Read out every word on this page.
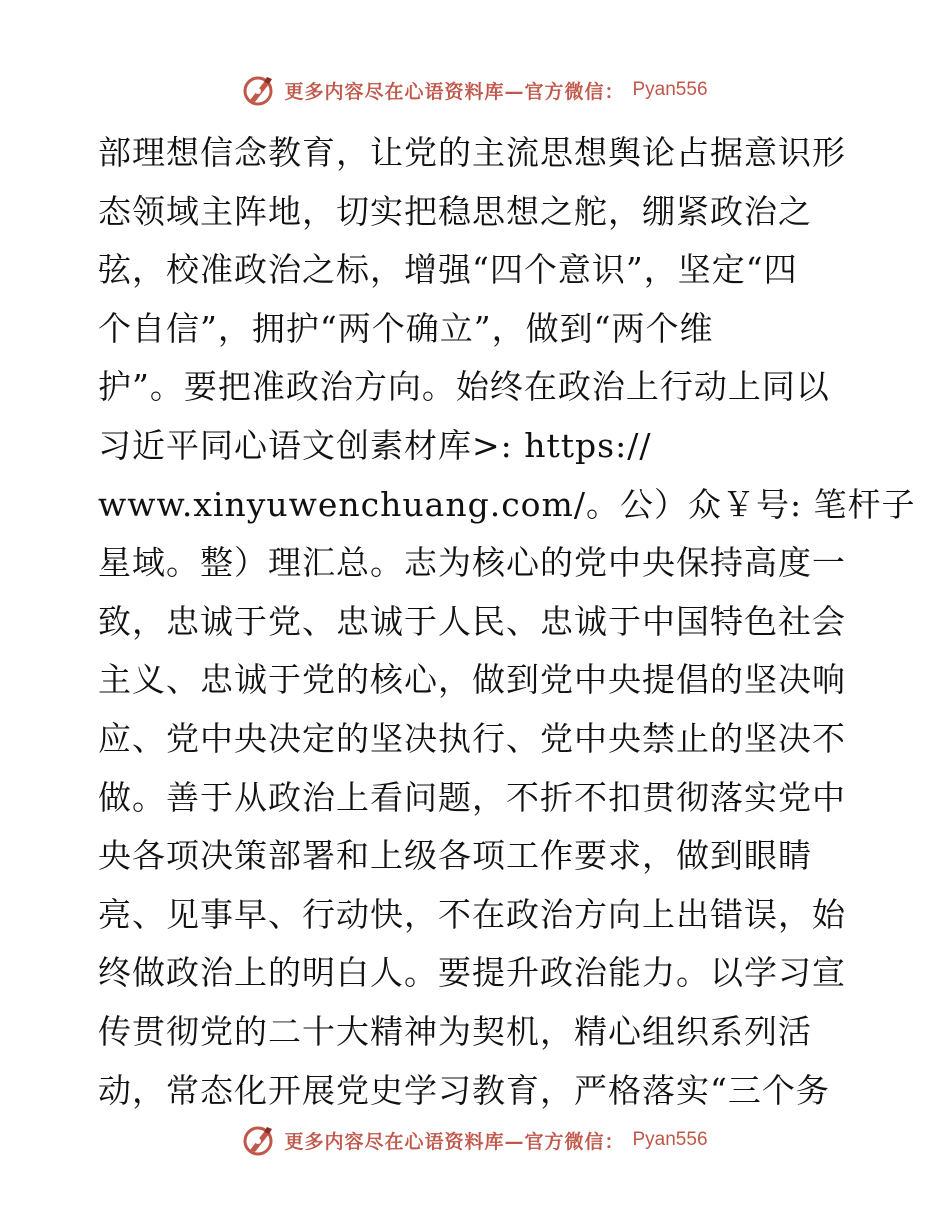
更多内容尽在心语资料库—官方微信： Pyan556
部理想信念教育，让党的主流思想舆论占据意识形
态领域主阵地，切实把稳思想之舵，绷紧政治之
弦，校准政治之标，增强“四个意识”，坚定“四
个自信”，拥护“两个确立”，做到“两个维
护”。要把准政治方向。始终在政治上行动上同以
习近平同心语文创素材库>: https://
www.xinyuwenchuang.com/。公）众￥号: 笔杆子
星域。整）理汇总。志为核心的党中央保持高度一
致，忠诚于党、忠诚于人民、忠诚于中国特色社会
主义、忠诚于党的核心，做到党中央提倡的坚决响
应、党中央决定的坚决执行、党中央禁止的坚决不
做。善于从政治上看问题，不折不扣贯彻落实党中
央各项决策部署和上级各项工作要求，做到眼睛
亮、见事早、行动快，不在政治方向上出错误，始
终做政治上的明白人。要提升政治能力。以学习宣
传贯彻党的二十大精神为契机，精心组织系列活
动，常态化开展党史学习教育，严格落实“三个务
更多内容尽在心语资料库—官方微信： Pyan556
